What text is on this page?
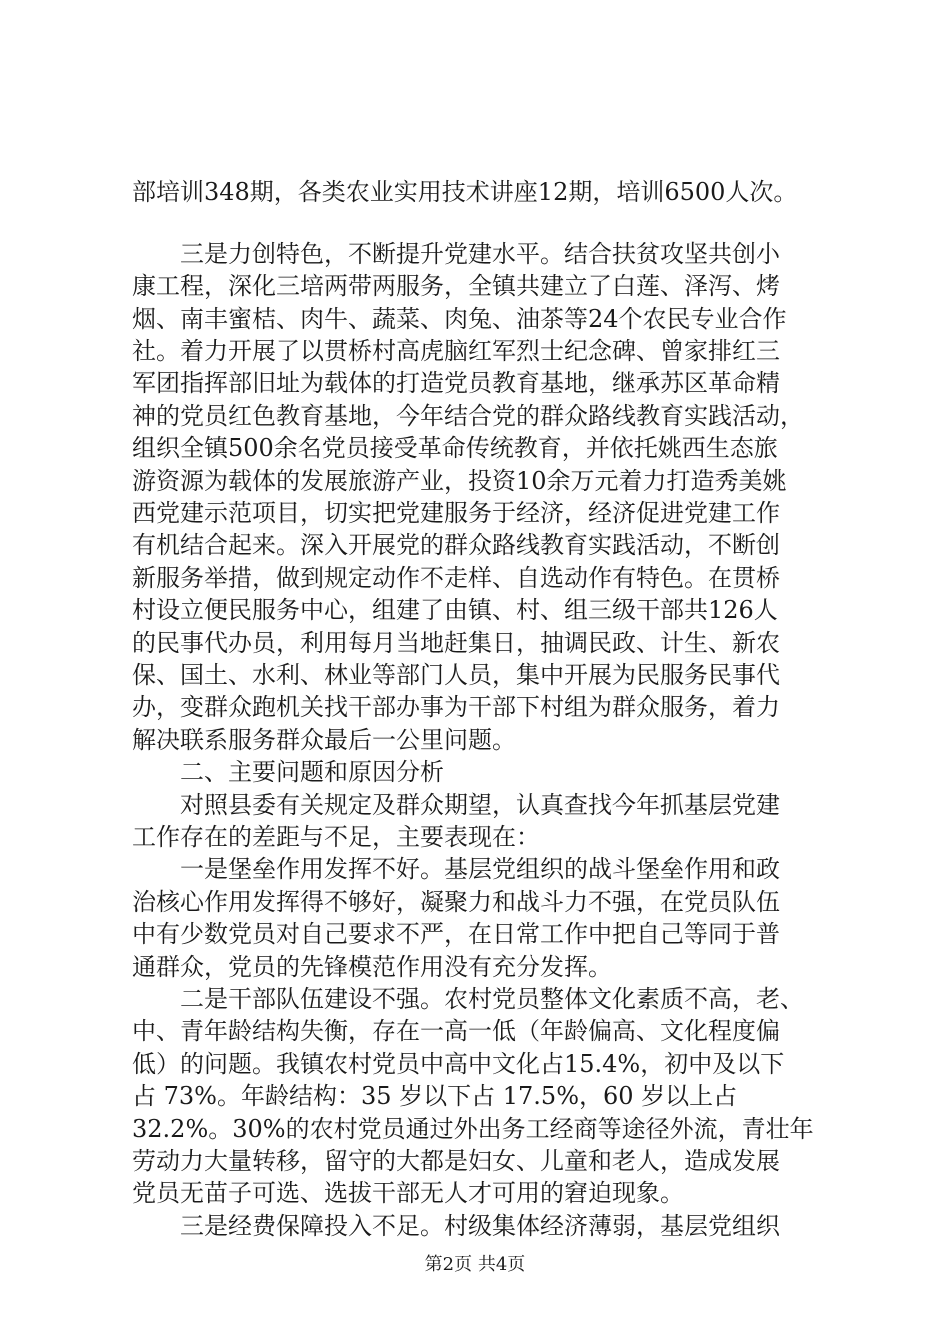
部培训348期，各类农业实用技术讲座12期，培训6500人次。
三是力创特色，不断提升党建水平。结合扶贫攻坚共创小
康工程，深化三培两带两服务，全镇共建立了白莲、泽泻、烤
烟、南丰蜜桔、肉牛、蔬菜、肉兔、油茶等24个农民专业合作
社。着力开展了以贯桥村高虎脑红军烈士纪念碑、曾家排红三
军团指挥部旧址为载体的打造党员教育基地，继承苏区革命精
神的党员红色教育基地，今年结合党的群众路线教育实践活动，
组织全镇500余名党员接受革命传统教育，并依托姚西生态旅
游资源为载体的发展旅游产业，投资10余万元着力打造秀美姚
西党建示范项目，切实把党建服务于经济，经济促进党建工作
有机结合起来。深入开展党的群众路线教育实践活动，不断创
新服务举措，做到规定动作不走样、自选动作有特色。在贯桥
村设立便民服务中心，组建了由镇、村、组三级干部共126人
的民事代办员，利用每月当地赶集日，抽调民政、计生、新农
保、国土、水利、林业等部门人员，集中开展为民服务民事代
办，变群众跑机关找干部办事为干部下村组为群众服务，着力
解决联系服务群众最后一公里问题。
二、主要问题和原因分析
对照县委有关规定及群众期望，认真查找今年抓基层党建
工作存在的差距与不足，主要表现在：
一是堡垒作用发挥不好。基层党组织的战斗堡垒作用和政
治核心作用发挥得不够好，凝聚力和战斗力不强，在党员队伍
中有少数党员对自己要求不严，在日常工作中把自己等同于普
通群众，党员的先锋模范作用没有充分发挥。
二是干部队伍建设不强。农村党员整体文化素质不高，老、
中、青年龄结构失衡，存在一高一低（年龄偏高、文化程度偏
低）的问题。我镇农村党员中高中文化占15.4%，初中及以下
占 73%。年龄结构：35 岁以下占 17.5%，60 岁以上占
32.2%。30%的农村党员通过外出务工经商等途径外流，青壮年
劳动力大量转移，留守的大都是妇女、儿童和老人，造成发展
党员无苗子可选、选拔干部无人才可用的窘迫现象。
三是经费保障投入不足。村级集体经济薄弱，基层党组织
第2页 共4页
